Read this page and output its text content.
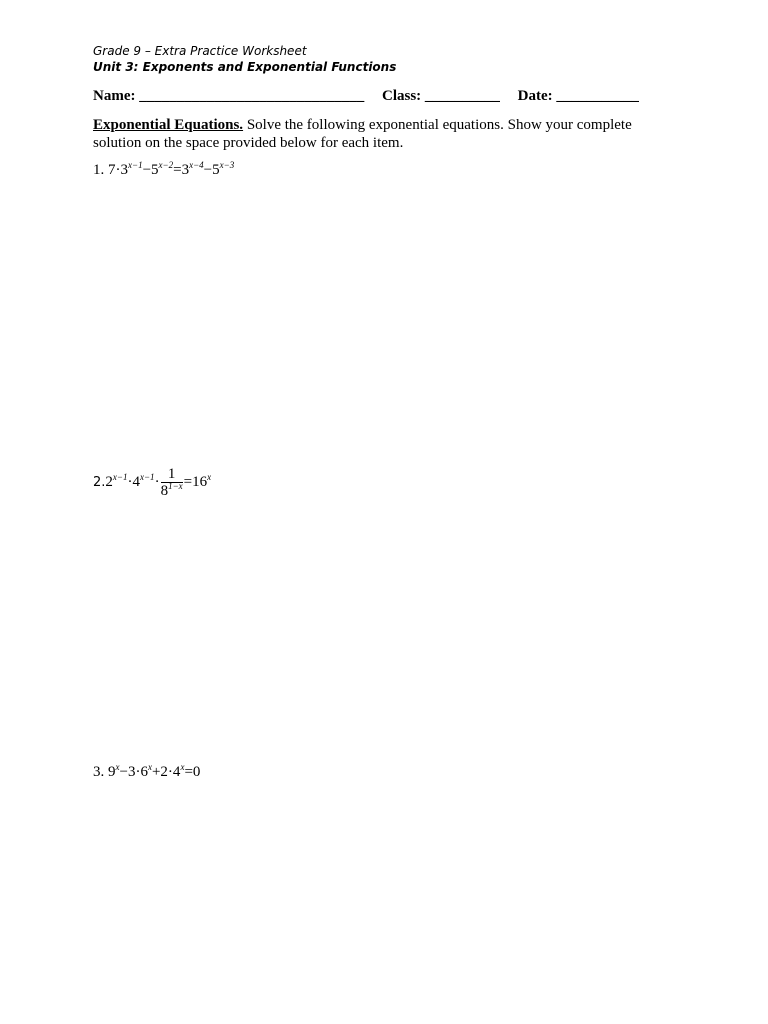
Grade 9 – Extra Practice Worksheet
Unit 3: Exponents and Exponential Functions
Name: ______________________________ Class: __________ Date: ___________
Exponential Equations. Solve the following exponential equations. Show your complete solution on the space provided below for each item.
1. $7\cdot 3^{x-1}-5^{x-2}=3^{x-4}-5^{x-3}$
$2.2^{x-1}\cdot 4^{x-1}\cdot \frac{1}{8^{1-x}} =16^x$
3. $9^x-3\cdot 6^x+2\cdot 4^x=0$
